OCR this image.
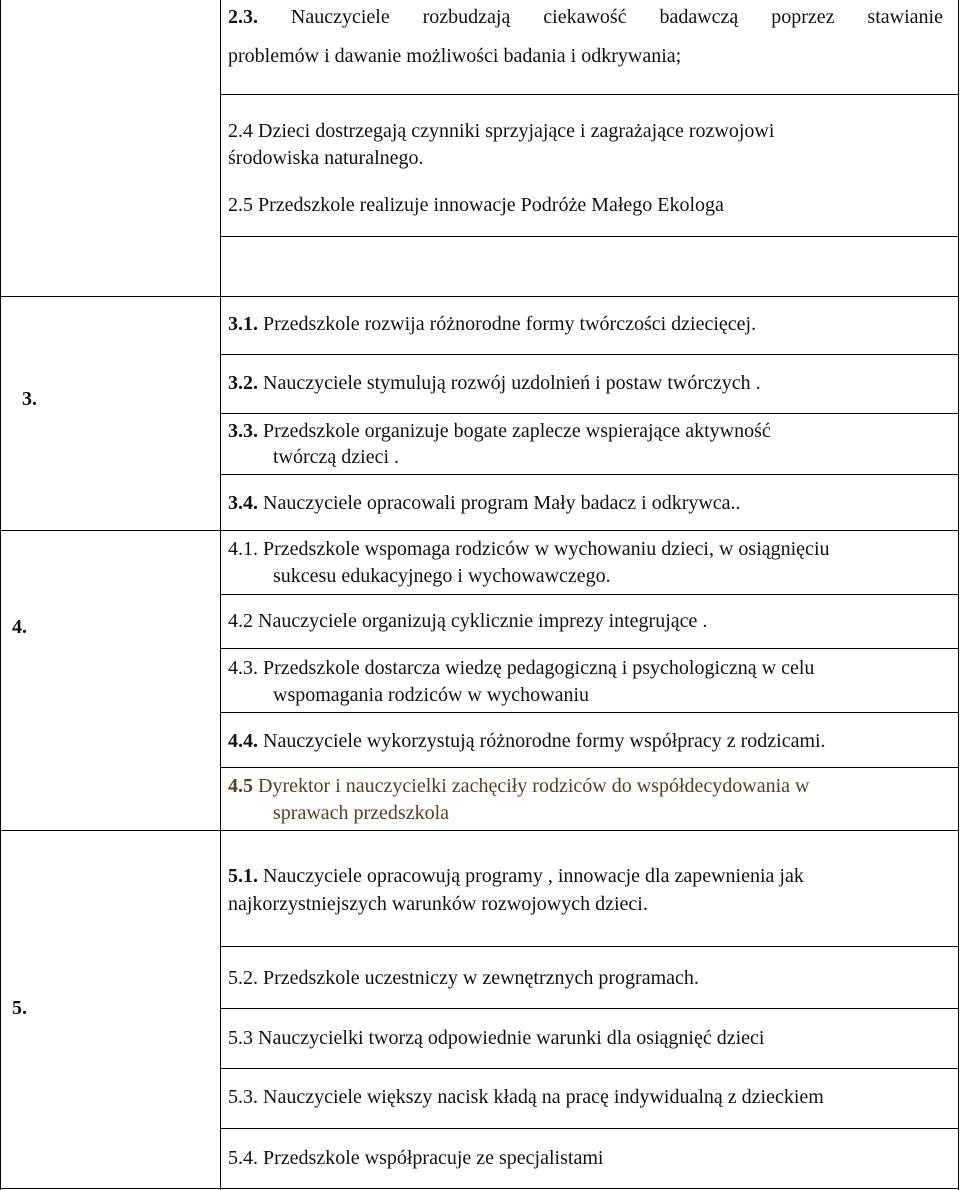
3.
4.
5.
2.3. Nauczyciele rozbudzają ciekawość badawczą poprzez stawianie
problemów i dawanie możliwości badania i odkrywania;
2.4 Dzieci dostrzegają czynniki sprzyjające i zagrażające rozwojowi
środowiska naturalnego.
2.5 Przedszkole realizuje innowacje Podróże Małego Ekologa
3.1. Przedszkole rozwija różnorodne formy twórczości dziecięcej.
3.2. Nauczyciele stymulują rozwój uzdolnień i postaw twórczych .
3.3. Przedszkole organizuje bogate zaplecze wspierające aktywność
twórczą dzieci .
3.4. Nauczyciele opracowali program Mały badacz i odkrywca..
4.1. Przedszkole wspomaga rodziców w wychowaniu dzieci, w osiągnięciu
sukcesu edukacyjnego i wychowawczego.
4.2 Nauczyciele organizują cyklicznie imprezy integrujące .
4.3. Przedszkole dostarcza wiedzę pedagogiczną i psychologiczną w celu
wspomagania rodziców w wychowaniu
4.4. Nauczyciele wykorzystują różnorodne formy współpracy z rodzicami.
4.5 Dyrektor i nauczycielki zachęciły rodziców do współdecydowania w
sprawach przedszkola
5.1. Nauczyciele opracowują programy , innowacje dla zapewnienia jak
najkorzystniejszych warunków rozwojowych dzieci.
5.2. Przedszkole uczestniczy w zewnętrznych programach.
5.3 Nauczycielki tworzą odpowiednie warunki dla osiągnięć dzieci
5.3. Nauczyciele większy nacisk kładą na pracę indywidualną z dzieckiem
5.4. Przedszkole współpracuje ze specjalistami
